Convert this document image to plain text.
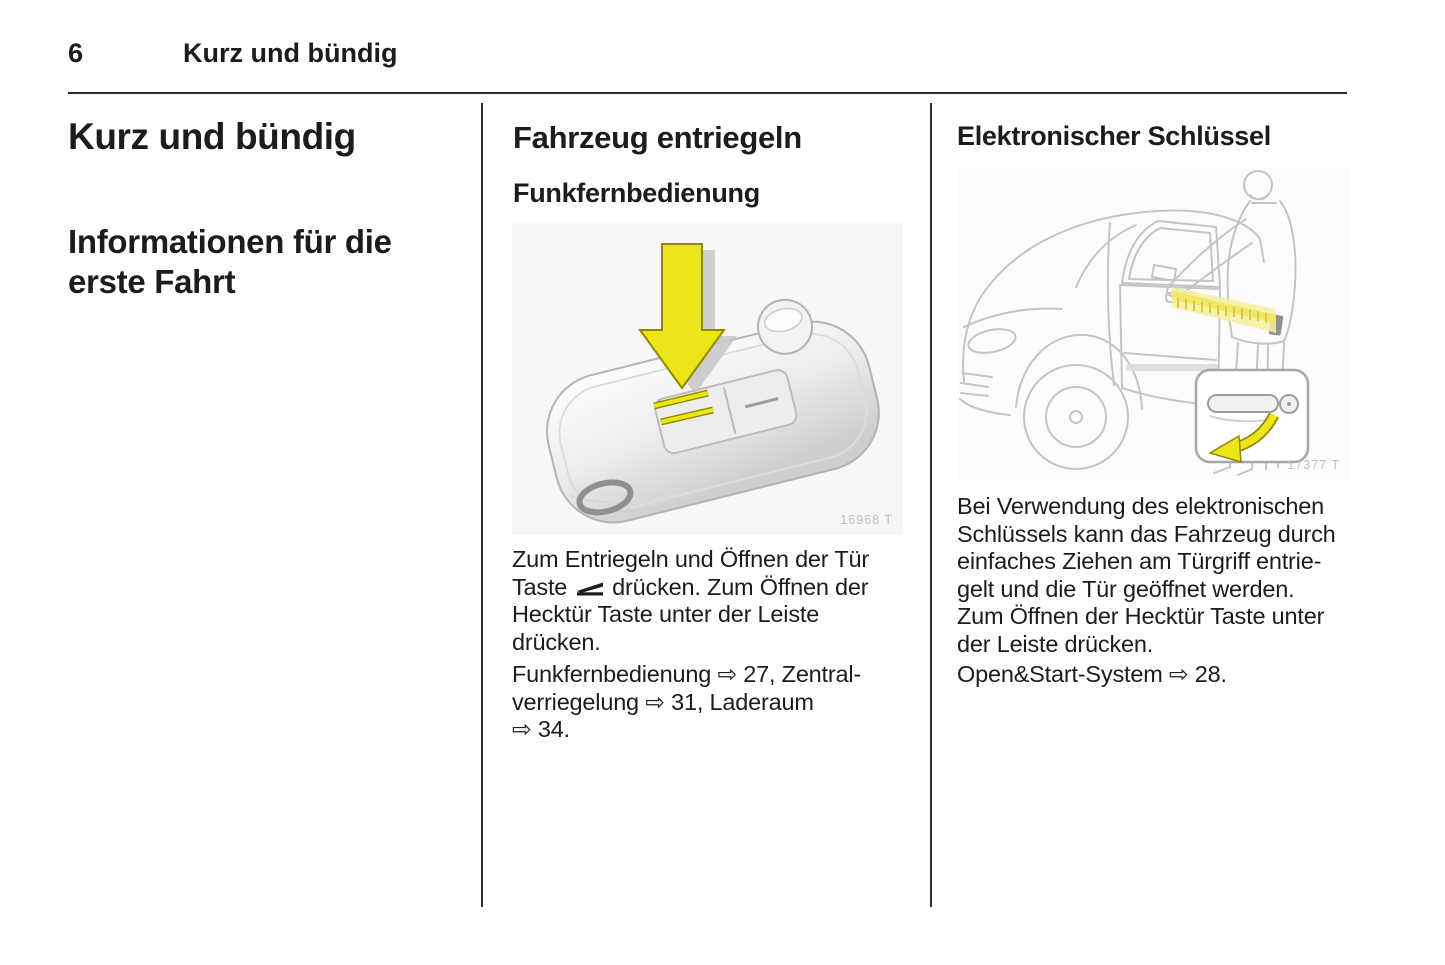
6	Kurz und bündig
Kurz und bündig
Informationen für die
erste Fahrt
Fahrzeug entriegeln
Funkfernbedienung
16968 T
Zum Entriegeln und Öffnen der Tür
Taste drücken. Zum Öffnen der
Hecktür Taste unter der Leiste
drücken.
Funkfernbedienung ⇨ 27, Zentral-
verriegelung ⇨ 31, Laderaum
⇨ 34.
Elektronischer Schlüssel
17377 T
Bei Verwendung des elektronischen
Schlüssels kann das Fahrzeug durch
einfaches Ziehen am Türgriff entrie-
gelt und die Tür geöffnet werden.
Zum Öffnen der Hecktür Taste unter
der Leiste drücken.
Open&Start-System ⇨ 28.
